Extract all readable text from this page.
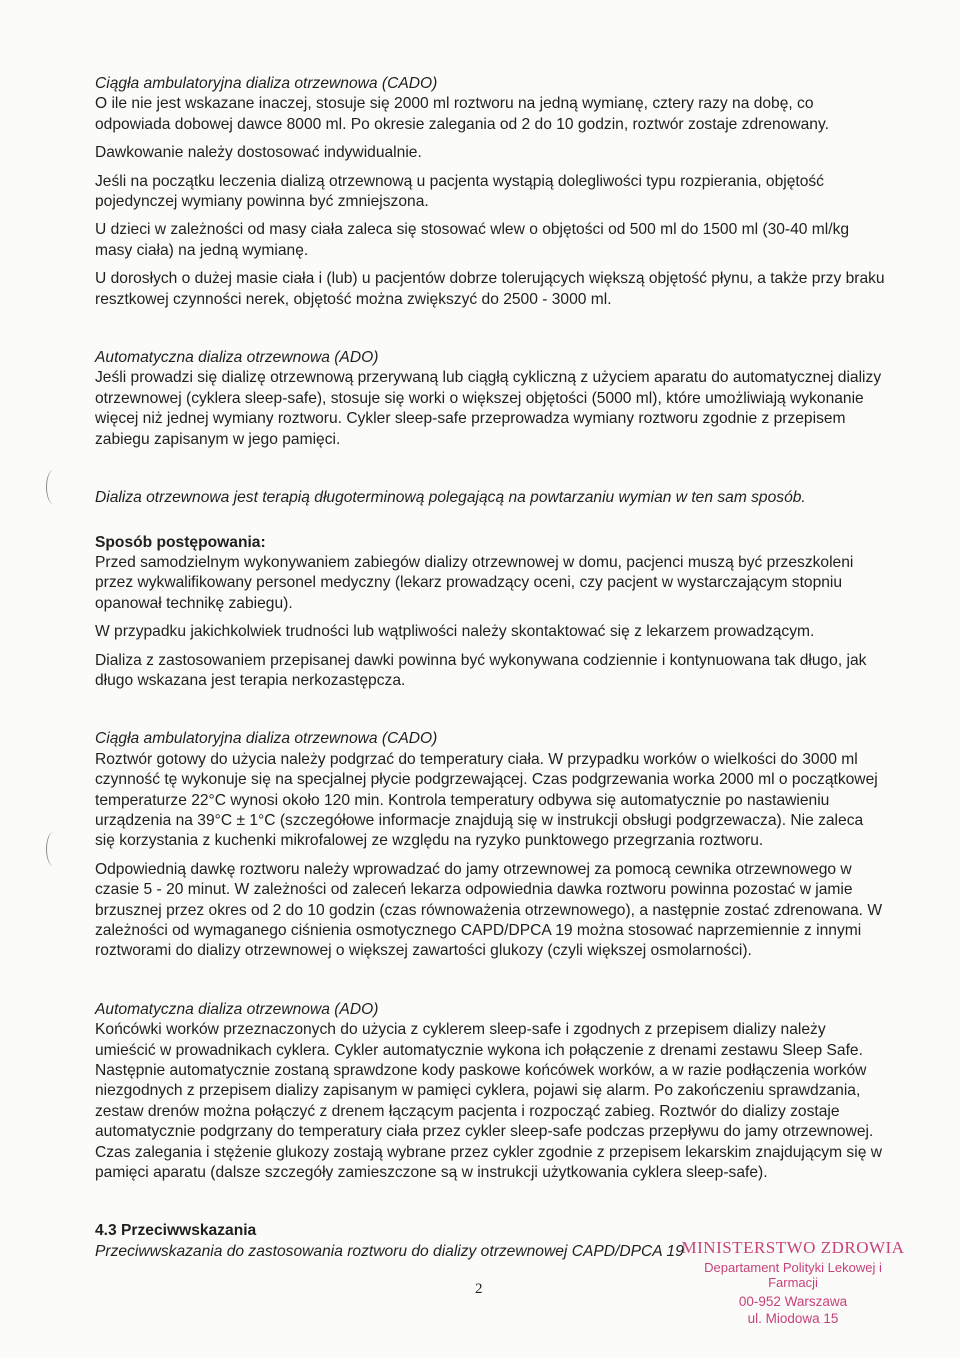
Ciągła ambulatoryjna dializa otrzewnowa (CADO)

O ile nie jest wskazane inaczej, stosuje się 2000 ml roztworu na jedną wymianę, cztery razy na dobę, co odpowiada dobowej dawce 8000 ml. Po okresie zalegania od 2 do 10 godzin, roztwór zostaje zdrenowany.

Dawkowanie należy dostosować indywidualnie.

Jeśli na początku leczenia dializą otrzewnową u pacjenta wystąpią dolegliwości typu rozpierania, objętość pojedynczej wymiany powinna być zmniejszona.

U dzieci w zależności od masy ciała zaleca się stosować wlew o objętości od 500 ml do 1500 ml (30-40 ml/kg masy ciała) na jedną wymianę.

U dorosłych o dużej masie ciała i (lub) u pacjentów dobrze tolerujących większą objętość płynu, a także przy braku resztkowej czynności nerek, objętość można zwiększyć do 2500 - 3000 ml.

Automatyczna dializa otrzewnowa (ADO)

Jeśli prowadzi się dializę otrzewnową przerywaną lub ciągłą cykliczną z użyciem aparatu do automatycznej dializy otrzewnowej (cyklera sleep-safe), stosuje się worki o większej objętości (5000 ml), które umożliwiają wykonanie więcej niż jednej wymiany roztworu. Cykler sleep-safe przeprowadza wymiany roztworu zgodnie z przepisem zabiegu zapisanym w jego pamięci.

Dializa otrzewnowa jest terapią długoterminową polegającą na powtarzaniu wymian w ten sam sposób.

Sposób postępowania:

Przed samodzielnym wykonywaniem zabiegów dializy otrzewnowej w domu, pacjenci muszą być przeszkoleni przez wykwalifikowany personel medyczny (lekarz prowadzący oceni, czy pacjent w wystarczającym stopniu opanował technikę zabiegu).

W przypadku jakichkolwiek trudności lub wątpliwości należy skontaktować się z lekarzem prowadzącym.

Dializa z zastosowaniem przepisanej dawki powinna być wykonywana codziennie i kontynuowana tak długo, jak długo wskazana jest terapia nerkozastępcza.

Ciągła ambulatoryjna dializa otrzewnowa (CADO)

Roztwór gotowy do użycia należy podgrzać do temperatury ciała. W przypadku worków o wielkości do 3000 ml czynność tę wykonuje się na specjalnej płycie podgrzewającej. Czas podgrzewania worka 2000 ml o początkowej temperaturze 22°C wynosi około 120 min. Kontrola temperatury odbywa się automatycznie po nastawieniu urządzenia na 39°C ± 1°C (szczegółowe informacje znajdują się w instrukcji obsługi podgrzewacza). Nie zaleca się korzystania z kuchenki mikrofalowej ze względu na ryzyko punktowego przegrzania roztworu.

Odpowiednią dawkę roztworu należy wprowadzać do jamy otrzewnowej za pomocą cewnika otrzewnowego w czasie 5 - 20 minut. W zależności od zaleceń lekarza odpowiednia dawka roztworu powinna pozostać w jamie brzusznej przez okres od 2 do 10 godzin (czas równoważenia otrzewnowego), a następnie zostać zdrenowana. W zależności od wymaganego ciśnienia osmotycznego CAPD/DPCA 19 można stosować naprzemiennie z innymi roztworami do dializy otrzewnowej o większej zawartości glukozy (czyli większej osmolarności).

Automatyczna dializa otrzewnowa (ADO)

Końcówki worków przeznaczonych do użycia z cyklerem sleep-safe i zgodnych z przepisem dializy należy umieścić w prowadnikach cyklera. Cykler automatycznie wykona ich połączenie z drenami zestawu Sleep Safe. Następnie automatycznie zostaną sprawdzone kody paskowe końcówek worków, a w razie podłączenia worków niezgodnych z przepisem dializy zapisanym w pamięci cyklera, pojawi się alarm. Po zakończeniu sprawdzania, zestaw drenów można połączyć z drenem łączącym pacjenta i rozpocząć zabieg. Roztwór do dializy zostaje automatycznie podgrzany do temperatury ciała przez cykler sleep-safe podczas przepływu do jamy otrzewnowej. Czas zalegania i stężenie glukozy zostają wybrane przez cykler zgodnie z przepisem lekarskim znajdującym się w pamięci aparatu (dalsze szczegóły zamieszczone są w instrukcji użytkowania cyklera sleep-safe).

4.3 Przeciwwskazania

Przeciwwskazania do zastosowania roztworu do dializy otrzewnowej CAPD/DPCA 19

2
MINISTERSTWO ZDROWIA
Departament Polityki Lekowej i Farmacji
00-952 Warszawa
ul. Miodowa 15
